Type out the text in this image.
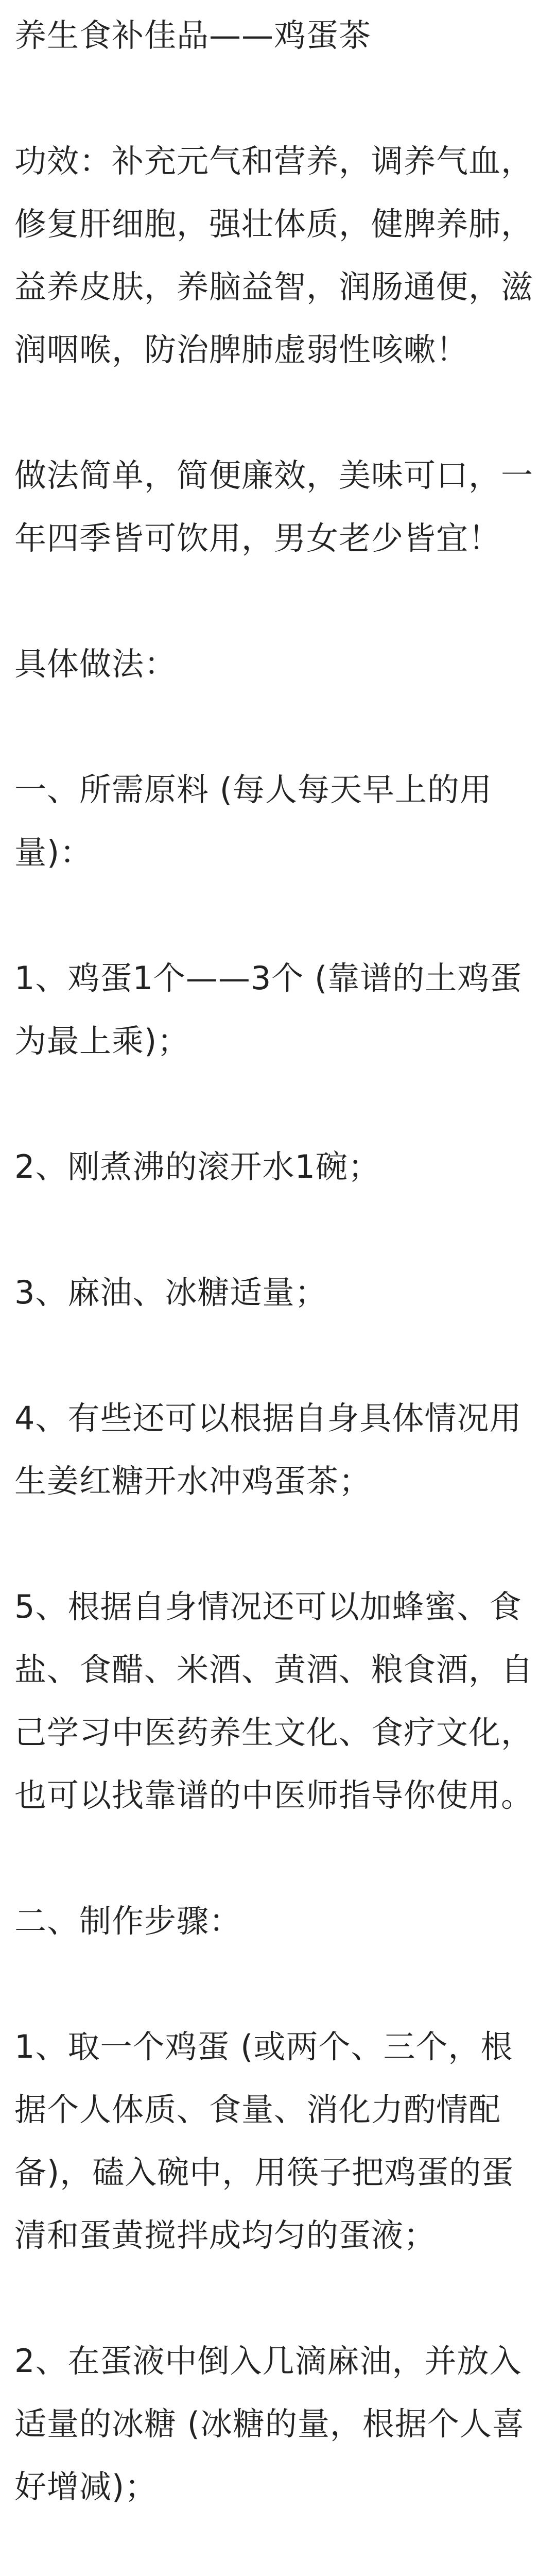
养生食补佳品——鸡蛋茶

功效：补充元气和营养，调养气血，修复肝细胞，强壮体质，健脾养肺，益养皮肤，养脑益智，润肠通便，滋润咽喉，防治脾肺虚弱性咳嗽！

做法简单，简便廉效，美味可口，一年四季皆可饮用，男女老少皆宜！

具体做法：

一、所需原料 (每人每天早上的用量)：

1、鸡蛋1个——3个 (靠谱的土鸡蛋为最上乘)；

2、刚煮沸的滚开水1碗；

3、麻油、冰糖适量；

4、有些还可以根据自身具体情况用生姜红糖开水冲鸡蛋茶；

5、根据自身情况还可以加蜂蜜、食盐、食醋、米酒、黄酒、粮食酒，自己学习中医药养生文化、食疗文化，也可以找靠谱的中医师指导你使用。

二、制作步骤：

1、取一个鸡蛋 (或两个、三个，根据个人体质、食量、消化力酌情配备)，磕入碗中，用筷子把鸡蛋的蛋清和蛋黄搅拌成均匀的蛋液；

2、在蛋液中倒入几滴麻油，并放入适量的冰糖 (冰糖的量，根据个人喜好增减)；
